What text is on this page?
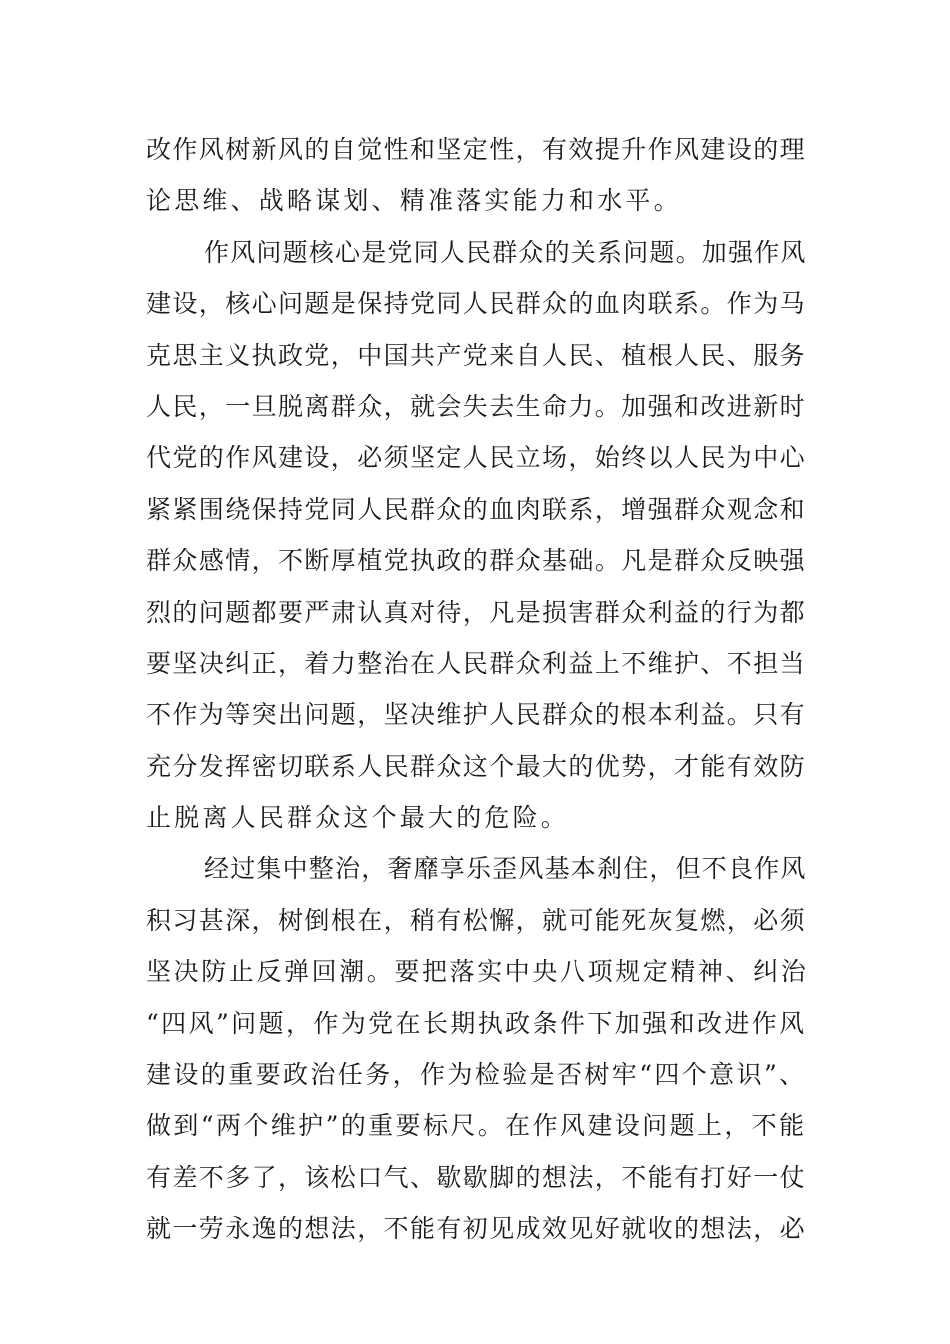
改作风树新风的自觉性和坚定性，有效提升作风建设的理
论思维、战略谋划、精准落实能力和水平。
作风问题核心是党同人民群众的关系问题。加强作风
建设，核心问题是保持党同人民群众的血肉联系。作为马
克思主义执政党，中国共产党来自人民、植根人民、服务
人民，一旦脱离群众，就会失去生命力。加强和改进新时
代党的作风建设，必须坚定人民立场，始终以人民为中心
紧紧围绕保持党同人民群众的血肉联系，增强群众观念和
群众感情，不断厚植党执政的群众基础。凡是群众反映强
烈的问题都要严肃认真对待，凡是损害群众利益的行为都
要坚决纠正，着力整治在人民群众利益上不维护、不担当
不作为等突出问题，坚决维护人民群众的根本利益。只有
充分发挥密切联系人民群众这个最大的优势，才能有效防
止脱离人民群众这个最大的危险。
经过集中整治，奢靡享乐歪风基本刹住，但不良作风
积习甚深，树倒根在，稍有松懈，就可能死灰复燃，必须
坚决防止反弹回潮。要把落实中央八项规定精神、纠治
“四风”问题，作为党在长期执政条件下加强和改进作风
建设的重要政治任务，作为检验是否树牢“四个意识”、
做到“两个维护”的重要标尺。在作风建设问题上，不能
有差不多了，该松口气、歇歇脚的想法，不能有打好一仗
就一劳永逸的想法，不能有初见成效见好就收的想法，必
